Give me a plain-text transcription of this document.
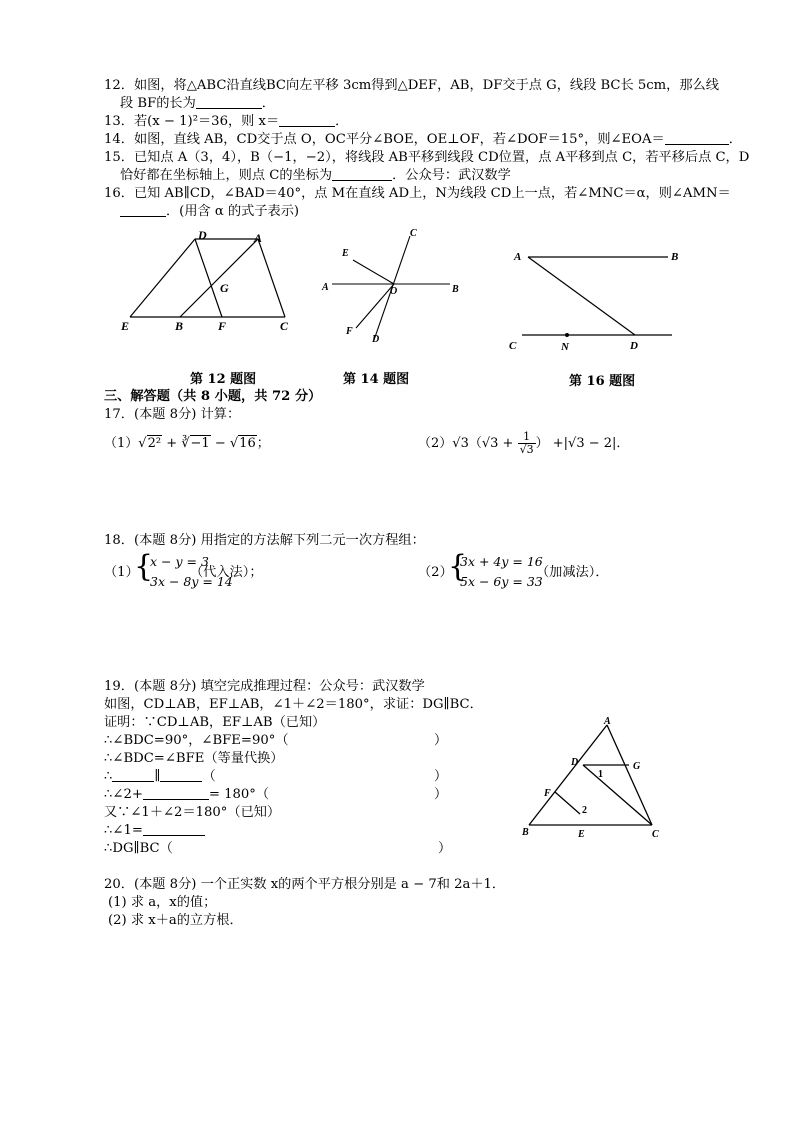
12．如图，将△ABC沿直线BC向左平移 3cm得到△DEF，AB，DF交于点 G，线段 BC长 5cm，那么线
段 BF的长为	．
13．若(x − 1)²＝36，则 x＝	．
14．如图，直线 AB，CD交于点 O，OC平分∠BOE，OE⊥OF，若∠DOF＝15°，则∠EOA＝	．
15．已知点 A（3，4），B（−1，−2），将线段 AB平移到线段 CD位置，点 A平移到点 C，若平移后点 C，D
恰好都在坐标轴上，则点 C的坐标为	．公众号：武汉数学
16．已知 AB∥CD，∠BAD＝40°，点 M在直线 AD上，N为线段 CD上一点，若∠MNC＝α，则∠AMN＝
．(用含 α 的式子表示)
D	A
G
E	B	F	C
第 12 题图
C
E
A	O	B
F
D
第 14 题图
A	B
C	N	D
第 16 题图
三、解答题（共 8 小题，共 72 分）
17．(本题 8分) 计算：
（1）√2² + ∛−1 − √16；	$(2)√3(√3 + \frac{1}{√3}$ ） +|√3 − 2|．
18．(本题 8分) 用指定的方法解下列二元一次方程组：
（1）
{
x − y = 3
3x − 8y = 14
（代入法）；	（2）
{
3x + 4y = 16
5x − 6y = 33
（加减法）．
19．(本题 8分) 填空完成推理过程：公众号：武汉数学
如图，CD⊥AB，EF⊥AB，∠1＋∠2＝180°，求证：DG∥BC．
证明：∵CD⊥AB，EF⊥AB（已知）
∴∠BDC=90°，∠BFE=90°（	）
∴∠BDC=∠BFE（等量代换）
∴	∥	（	）
∴∠2+	= 180°（	）
又∵∠1＋∠2＝180°（已知）
∴∠1=
∴DG∥BC（	）
A
D	G
1
F
2
B	E	C
20．(本题 8分) 一个正实数 x的两个平方根分别是 a − 7和 2a＋1．
(1) 求 a，x的值；
(2) 求 x＋a的立方根．
